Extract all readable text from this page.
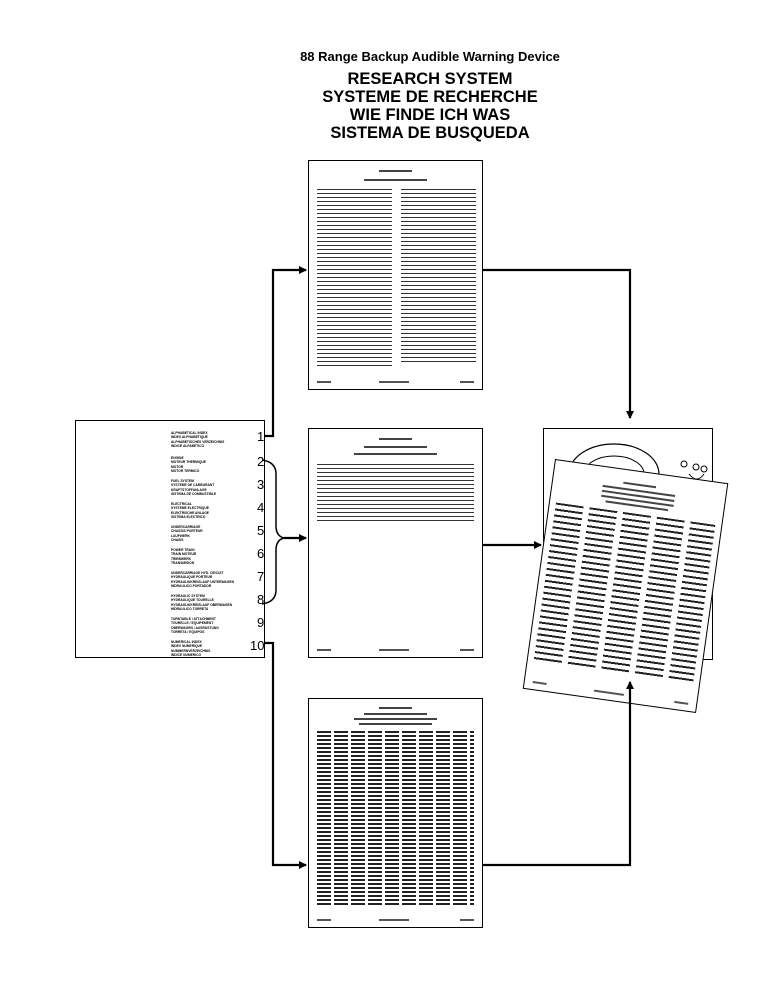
88 Range Backup Audible Warning Device
RESEARCH SYSTEM
SYSTEME DE RECHERCHE
WIE FINDE ICH WAS
SISTEMA DE BUSQUEDA
ALPHABETICAL INDEX
INDEX ALPHABETIQUE
ALPHABETISCHES VERZEICHNIS
INDICE ALFABETICO
ENGINE
MOTEUR THERMIQUE
MOTOR
MOTOR TERMICO
FUEL SYSTEM
SYSTEME DE CARBURANT
KRAFTSTOFFANLAGE
SISTEMA DE COMBUSTIBLE
ELECTRICAL
SYSTEME ELECTRIQUE
ELEKTRISCHE ANLAGE
SISTEMA ELECTRICO
UNDERCARRIAGE
CHASSIS PORTEUR
LAUFWERK
CHASIS
POWER TRAIN
TRAIN MOTEUR
TRIEBWERK
TRANSMISION
UNDERCARRIAGE HYD. CIRCUIT
HYDRAULIQUE PORTEUR
HYDRAULIKKREISLAUF UNTERWAGEN
HIDRAULICO PORTADOR
HYDRAULIC SYSTEM
HYDRAULIQUE TOURELLE
HYDRAULIKKREISLAUF OBERWAGEN
HIDRAULICO TORRETA
TURNTABLE / ATTACHMENT
TOURELLE / EQUIPEMENT
OBERWAGEN / AUSRUSTUNG
TORRETA / EQUIPOS
NUMERICAL INDEX
INDEX NUMERIQUE
NUMMERNVERZEICHNIS
INDICE NUMERICO
1
2
3
4
5
6
7
8
9
10
